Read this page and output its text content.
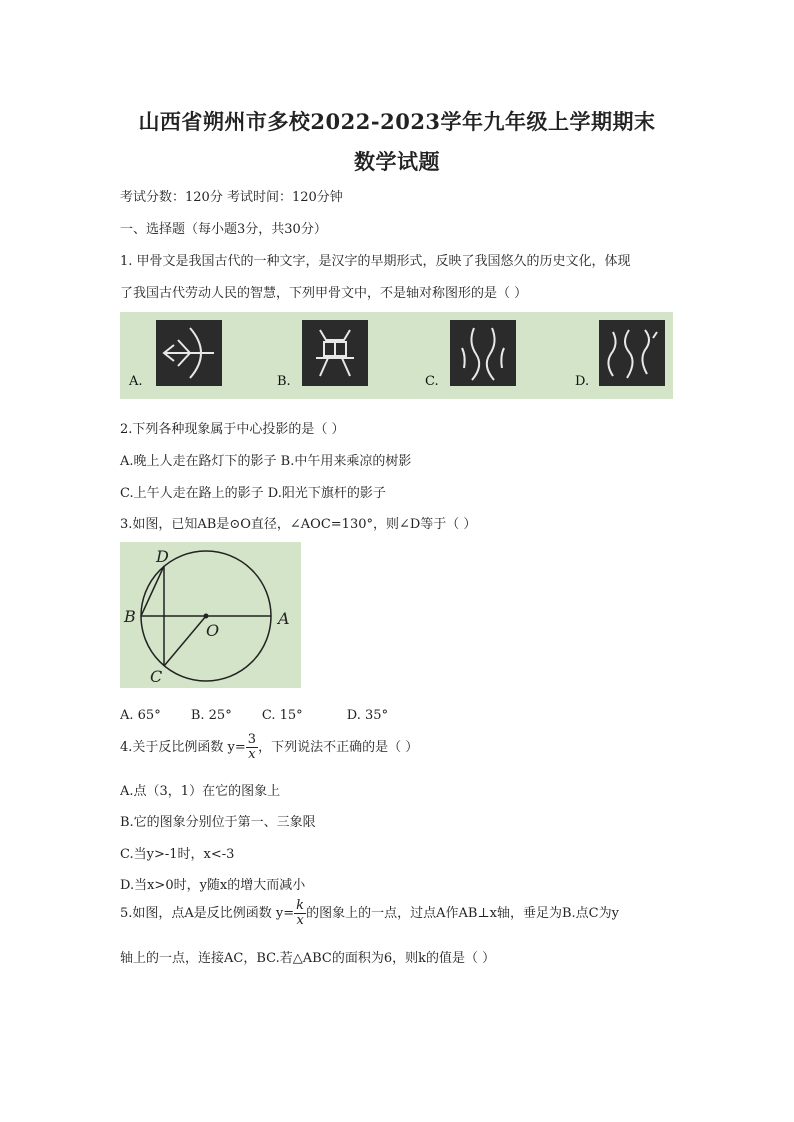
山西省朔州市多校2022-2023学年九年级上学期期末
数学试题
考试分数：120分 考试时间：120分钟
一、选择题（每小题3分，共30分）
1. 甲骨文是我国古代的一种文字，是汉字的早期形式，反映了我国悠久的历史文化，体现
了我国古代劳动人民的智慧，下列甲骨文中，不是轴对称图形的是（ ）
A.	B.	C.	D.
2.下列各种现象属于中心投影的是（ ）
A.晚上人走在路灯下的影子 B.中午用来乘凉的树影
C.上午人走在路上的影子 D.阳光下旗杆的影子
3.如图，已知AB是⊙O直径，∠AOC=130°，则∠D等于（ ）
D
B
O
A
C
A. 65° B. 25° C. 15°	D. 35°
4.关于反比例函数 $y= \frac{3}{x}$ ，下列说法不正确的是（ ）
A.点（3，1）在它的图象上
B.它的图象分别位于第一、三象限
C.当y>-1时，x<-3
D.当x>0时，y随x的增大而减小
5.如图，点A是反比例函数 $y= \frac{k}{x}$ 的图象上的一点，过点A作AB⊥x轴，垂足为B.点C为y
轴上的一点，连接AC，BC.若△ABC的面积为6，则k的值是（ ）
